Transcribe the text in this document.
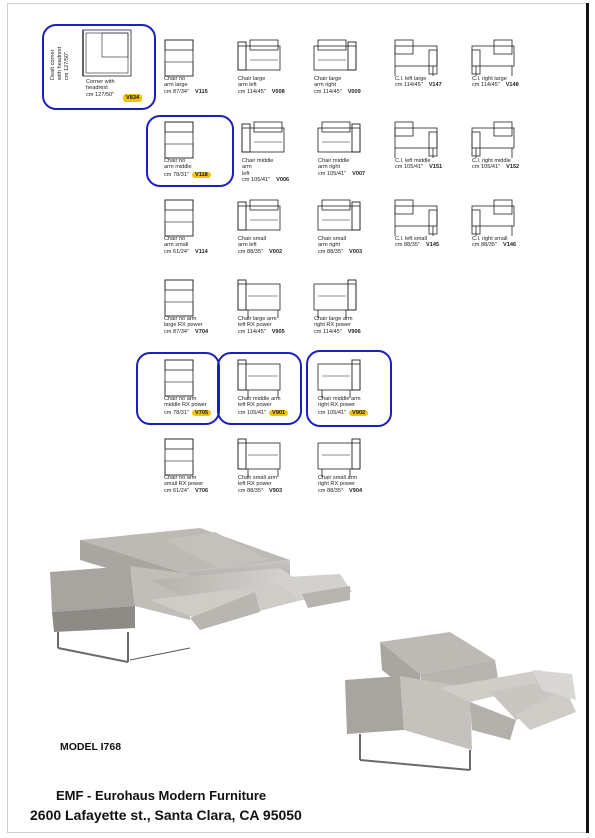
Dealt corner with headrest cm 127/50"
Corner with
headrest
cm 127/50"
V834
Chair no
arm large
cm 87/34" V115
Chair large
arm left
cm 114/45" V008
Chair large
arm right
cm 114/45" V009
C.l. left large
cm 114/45" V147
C.l. right large
cm 114/45" V148
Chair no
arm middle
cm 78/31" V118
Chair middle
arm
left
cm 105/41" V006
Chair middle
arm right
cm 105/41" V007
C.l. left middle
cm 105/41" V151
C.l. right middle
cm 105/41" V152
Chair no
arm small
cm 61/24" V114
Chair small
arm left
cm 88/35" V002
Chair small
arm right
cm 88/35" V003
C.l. left small
cm 88/35" V145
C.l. right small
cm 88/35" V146
Chair no arm
large RX power
cm 87/34" V704
Chair large arm
left RX power
cm 114/45" V905
Chair large arm
right RX power
cm 114/45" V906
Chair no arm
middle RX power
cm 78/31" V705
Chair middle arm
left RX power
cm 105/41" V901
Chair middle arm
right RX power
cm 105/41" V902
Chair no arm
small RX power
cm 61/24" V706
Chair small arm
left RX power
cm 88/35" V903
Chair small arm
right RX power
cm 88/35" V904
MODEL I768
EMF - Eurohaus Modern Furniture
2600 Lafayette st., Santa Clara, CA 95050
